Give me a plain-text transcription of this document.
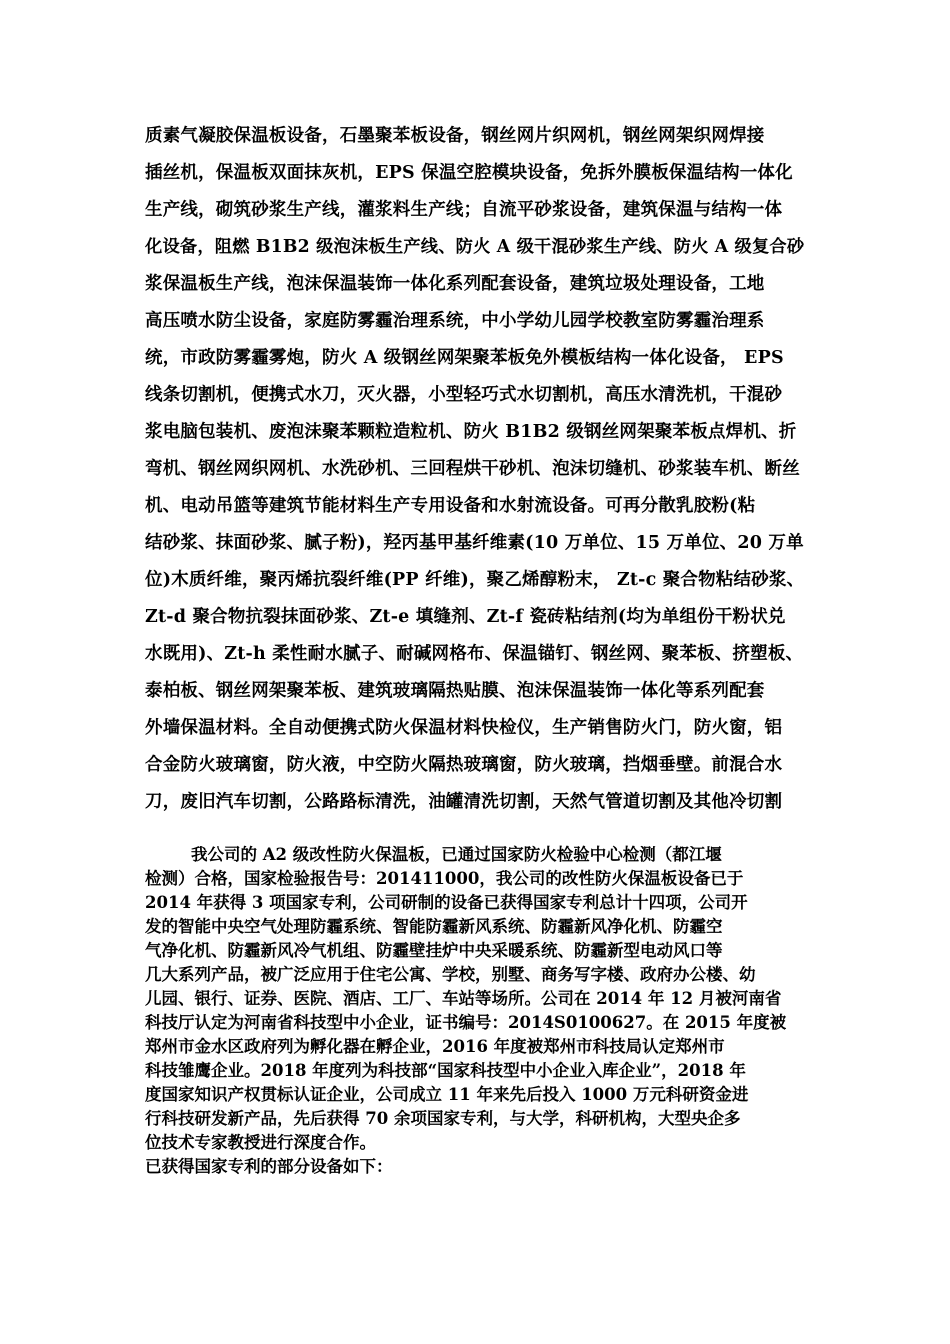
质素气凝胶保温板设备，石墨聚苯板设备，钢丝网片织网机，钢丝网架织网焊接
插丝机，保温板双面抹灰机，EPS 保温空腔模块设备，免拆外膜板保温结构一体化
生产线，砌筑砂浆生产线，灌浆料生产线；自流平砂浆设备，建筑保温与结构一体
化设备，阻燃 B1B2 级泡沫板生产线、防火 A 级干混砂浆生产线、防火 A 级复合砂
浆保温板生产线，泡沫保温装饰一体化系列配套设备，建筑垃圾处理设备，工地
高压喷水防尘设备，家庭防雾霾治理系统，中小学幼儿园学校教室防雾霾治理系
统，市政防雾霾雾炮，防火 A 级钢丝网架聚苯板免外模板结构一体化设备， EPS
线条切割机，便携式水刀，灭火器，小型轻巧式水切割机，高压水清洗机，干混砂
浆电脑包装机、废泡沫聚苯颗粒造粒机、防火 B1B2 级钢丝网架聚苯板点焊机、折
弯机、钢丝网织网机、水洗砂机、三回程烘干砂机、泡沫切缝机、砂浆装车机、断丝
机、电动吊篮等建筑节能材料生产专用设备和水射流设备。可再分散乳胶粉(粘
结砂浆、抹面砂浆、腻子粉)，羟丙基甲基纤维素(10 万单位、15 万单位、20 万单
位)木质纤维，聚丙烯抗裂纤维(PP 纤维)，聚乙烯醇粉末， Zt-c 聚合物粘结砂浆、
Zt-d 聚合物抗裂抹面砂浆、Zt-e 填缝剂、Zt-f 瓷砖粘结剂(均为单组份干粉状兑
水既用)、Zt-h 柔性耐水腻子、耐碱网格布、保温锚钉、钢丝网、聚苯板、挤塑板、
泰柏板、钢丝网架聚苯板、建筑玻璃隔热贴膜、泡沫保温装饰一体化等系列配套
外墙保温材料。全自动便携式防火保温材料快检仪，生产销售防火门，防火窗，铝
合金防火玻璃窗，防火液，中空防火隔热玻璃窗，防火玻璃，挡烟垂壁。前混合水
刀，废旧汽车切割，公路路标清洗，油罐清洗切割，天然气管道切割及其他冷切割
我公司的 A2 级改性防火保温板，已通过国家防火检验中心检测（都江堰
检测）合格，国家检验报告号：201411000，我公司的改性防火保温板设备已于
2014 年获得 3 项国家专利，公司研制的设备已获得国家专利总计十四项，公司开
发的智能中央空气处理防霾系统、智能防霾新风系统、防霾新风净化机、防霾空
气净化机、防霾新风冷气机组、防霾壁挂炉中央采暖系统、防霾新型电动风口等
几大系列产品，被广泛应用于住宅公寓、学校，别墅、商务写字楼、政府办公楼、幼
儿园、银行、证券、医院、酒店、工厂、车站等场所。公司在 2014 年 12 月被河南省
科技厅认定为河南省科技型中小企业，证书编号：2014S0100627。在 2015 年度被
郑州市金水区政府列为孵化器在孵企业，2016 年度被郑州市科技局认定郑州市
科技雏鹰企业。2018 年度列为科技部“国家科技型中小企业入库企业”，2018 年
度国家知识产权贯标认证企业，公司成立 11 年来先后投入 1000 万元科研资金进
行科技研发新产品，先后获得 70 余项国家专利，与大学，科研机构，大型央企多
位技术专家教授进行深度合作。
已获得国家专利的部分设备如下：
